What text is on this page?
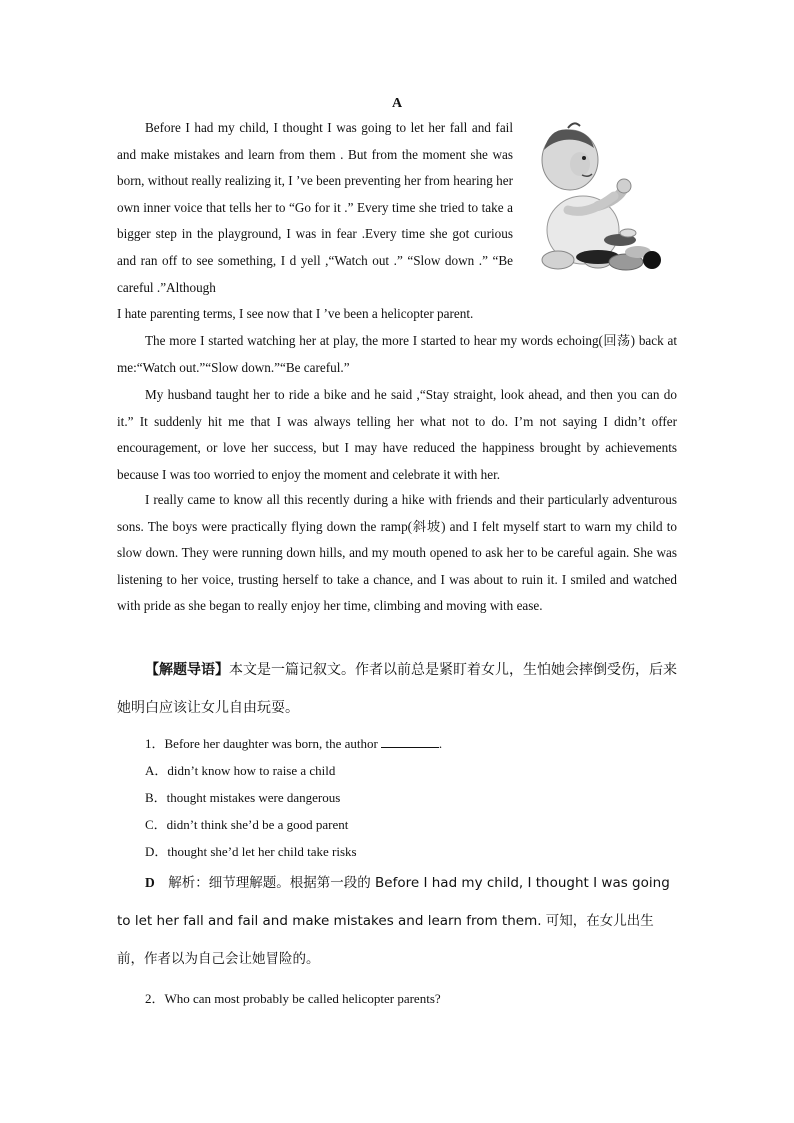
A

Before I had my child, I thought I was going to let her fall and fail and make mistakes and learn from them . But from the moment she was born, without really realizing it, I ’ve been preventing her from hearing her own inner voice that tells her to “Go for it .” Every time she tried to take a bigger step in the playground, I was in fear .Every time she got curious and ran off to see something, I d yell ,“Watch out .” “Slow down .” “Be careful .”Although

I hate parenting terms, I see now that I ’ve been a helicopter parent.

The more I started watching her at play, the more I started to hear my words echoing(回荡) back at me:“Watch out.”“Slow down.”“Be careful.”

My husband taught her to ride a bike and he said ,“Stay straight, look ahead, and then you can do it.” It suddenly hit me that I was always telling her what not to do. I’m not saying I didn’t offer encouragement, or love her success, but I may have reduced the happiness brought by achievements because I was too worried to enjoy the moment and celebrate it with her.

I really came to know all this recently during a hike with friends and their particularly adventurous sons. The boys were practically flying down the ramp(斜坡) and I felt myself start to warn my child to slow down. They were running down hills, and my mouth opened to ask her to be careful again. She was listening to her voice, trusting herself to take a chance, and I was about to ruin it. I smiled and watched with pride as she began to really enjoy her time, climbing and moving with ease.

【解题导语】本文是一篇记叙文。作者以前总是紧盯着女儿，生怕她会摔倒受伤，后来她明白应该让女儿自由玩耍。

1．Before her daughter was born, the author	.
A．didn’t know how to raise a child
B．thought mistakes were dangerous
C．didn’t think she’d be a good parent
D．thought she’d let her child take risks

D　 解析：细节理解题。根据第一段的 Before I had my child, I thought I was going to let her fall and fail and make mistakes and learn from them. 可知，在女儿出生前，作者以为自己会让她冒险的。

2．Who can most probably be called helicopter parents?
